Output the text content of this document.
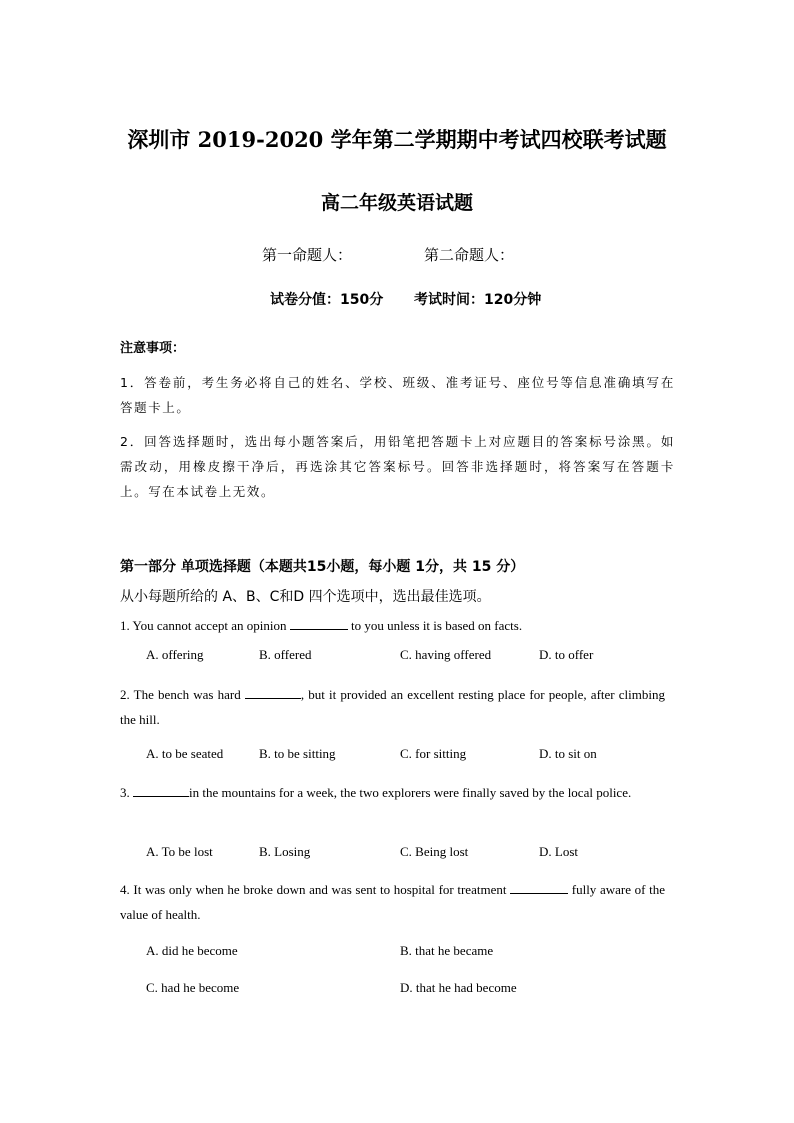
深圳市 2019-2020 学年第二学期期中考试四校联考试题
高二年级英语试题
第一命题人：	第二命题人：
试卷分值：150分 考试时间：120分钟
注意事项：
1．答卷前，考生务必将自己的姓名、学校、班级、准考证号、座位号等信息准确填写在答题卡上。
2．回答选择题时，选出每小题答案后，用铅笔把答题卡上对应题目的答案标号涂黑。如需改动，用橡皮擦干净后，再选涂其它答案标号。回答非选择题时，将答案写在答题卡上。写在本试卷上无效。
第一部分 单项选择题（本题共15小题，每小题 1分，共 15 分）
从小每题所给的 A、B、C和D 四个选项中，选出最佳选项。
1. You cannot accept an opinion	to you unless it is based on facts.
A. offering	B. offered	C. having offered	D. to offer
2. The bench was hard	, but it provided an excellent resting place for people, after climbing the hill.
A. to be seated	B. to be sitting	C. for sitting	D. to sit on
3.	in the mountains for a week, the two explorers were finally saved by the local police.
A. To be lost	B. Losing	C. Being lost	D. Lost
4. It was only when he broke down and was sent to hospital for treatment	fully aware of the value of health.
A. did he become	B. that he became
C. had he become	D. that he had become
